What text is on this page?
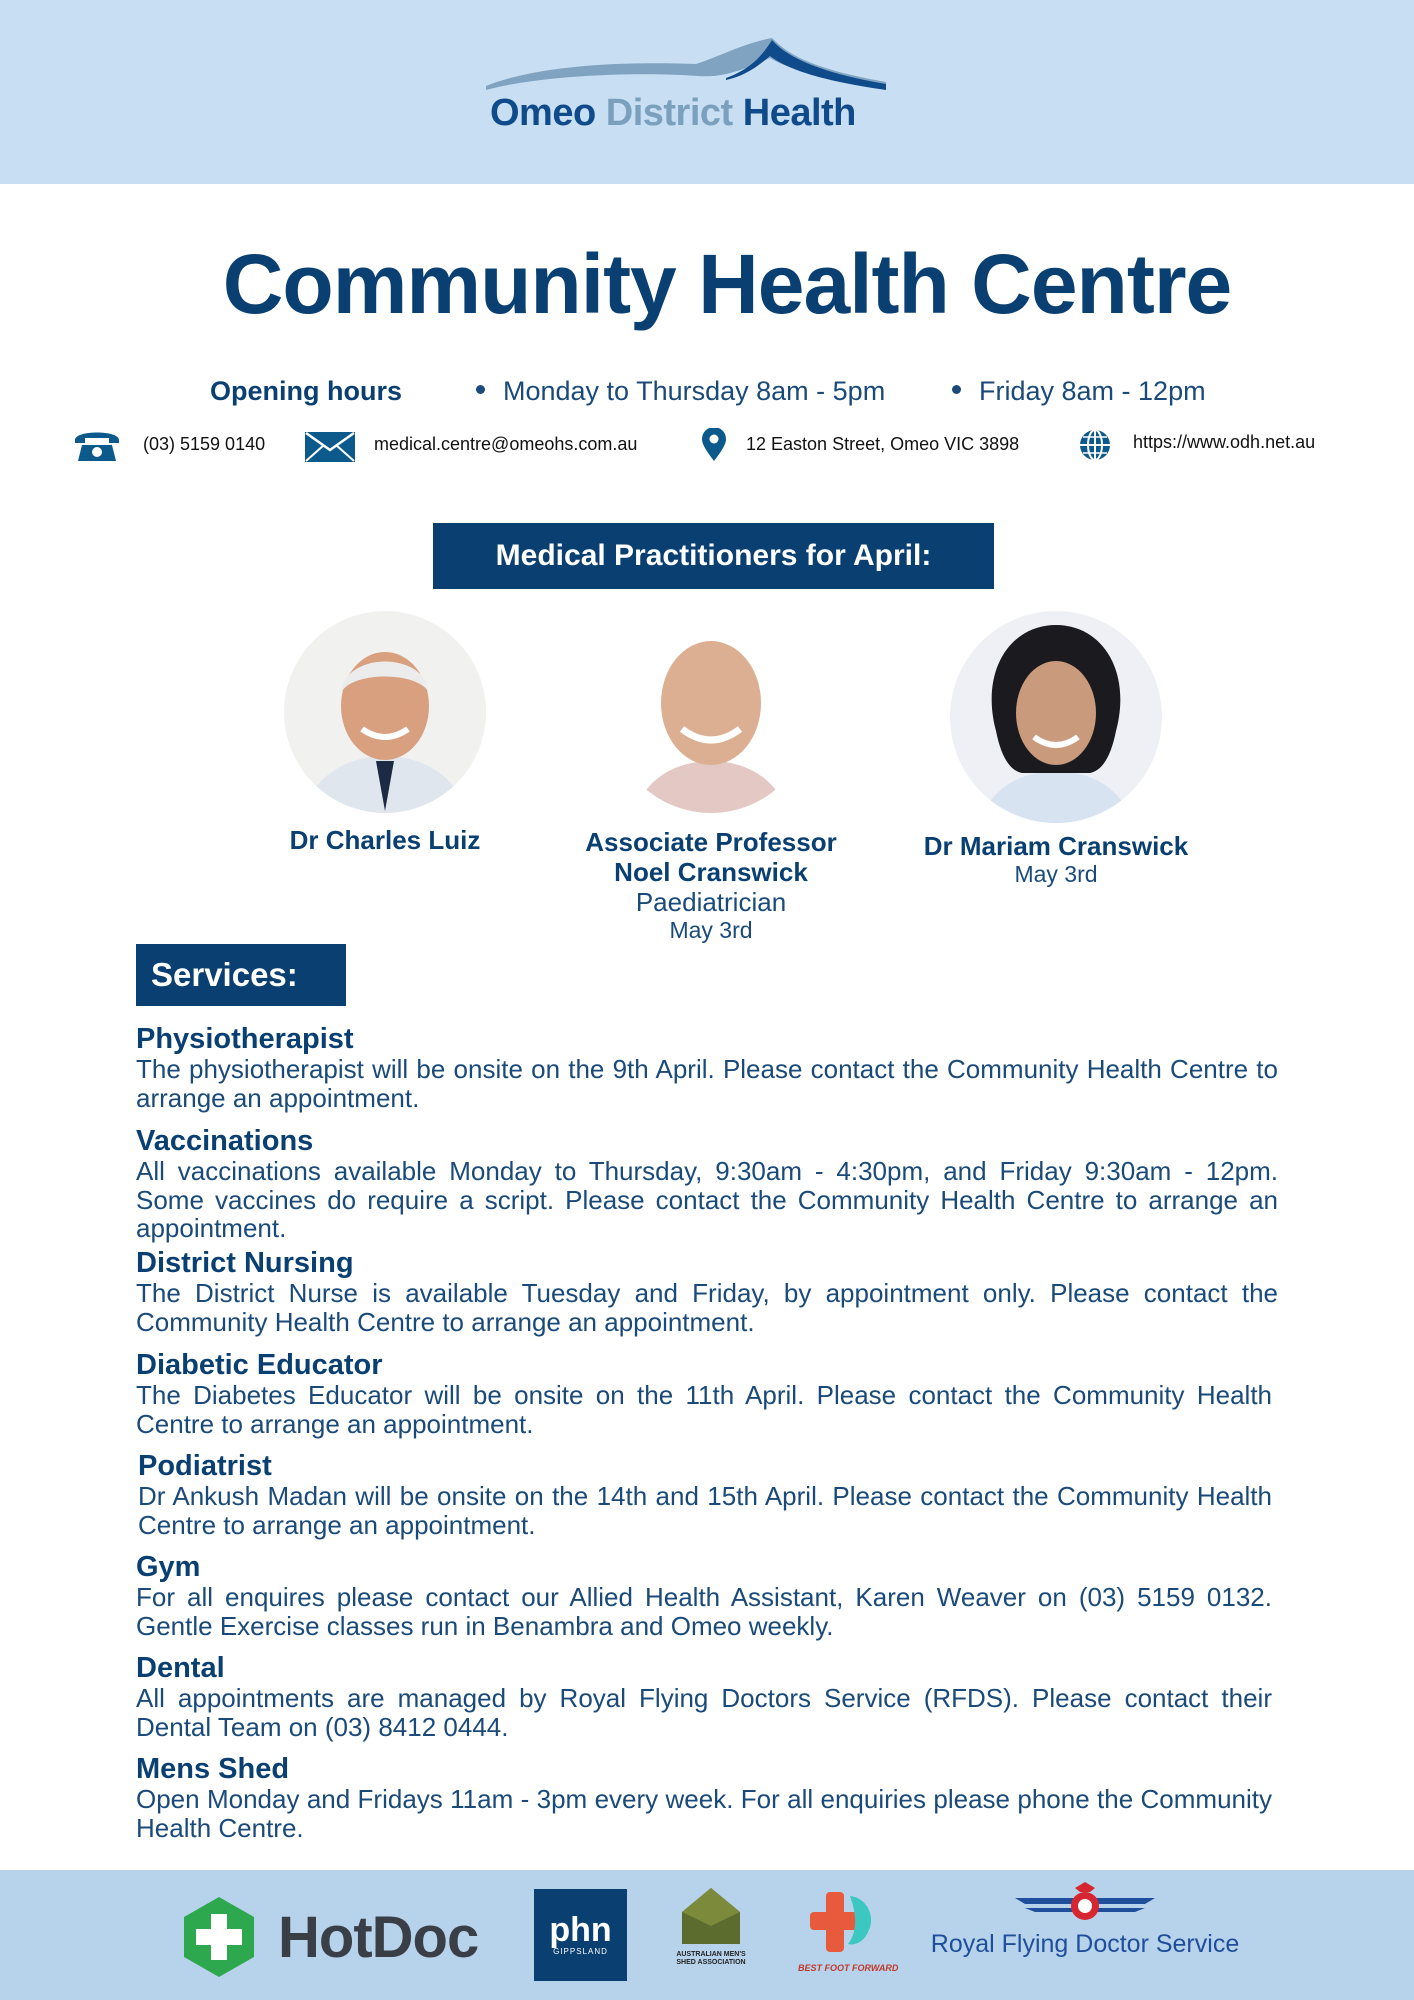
Omeo District Health
Community Health Centre
Opening hours	Monday to Thursday 8am - 5pm	Friday 8am - 12pm
(03) 5159 0140	medical.centre@omeohs.com.au	12 Easton Street, Omeo VIC 3898	https://www.odh.net.au
Medical Practitioners for April:
Dr Charles Luiz	Associate Professor
Noel Cranswick
Paediatrician
May 3rd
Dr Mariam Cranswick
May 3rd
Services:
Physiotherapist
The physiotherapist will be onsite on the 9th April. Please contact the Community Health Centre to arrange an appointment.
Vaccinations
All vaccinations available Monday to Thursday, 9:30am - 4:30pm, and Friday 9:30am - 12pm. Some vaccines do require a script. Please contact the Community Health Centre to arrange an appointment.
District Nursing
The District Nurse is available Tuesday and Friday, by appointment only. Please contact the Community Health Centre to arrange an appointment.
Diabetic Educator
The Diabetes Educator will be onsite on the 11th April. Please contact the Community Health Centre to arrange an appointment.
Podiatrist
Dr Ankush Madan will be onsite on the 14th and 15th April. Please contact the Community Health Centre to arrange an appointment.
Gym
For all enquires please contact our Allied Health Assistant, Karen Weaver on (03) 5159 0132. Gentle Exercise classes run in Benambra and Omeo weekly.
Dental
All appointments are managed by Royal Flying Doctors Service (RFDS). Please contact their Dental Team on (03) 8412 0444.
Mens Shed
Open Monday and Fridays 11am - 3pm every week. For all enquiries please phone the Community Health Centre.
HotDoc	phn
GIPPSLAND	AUSTRALIAN MEN'S SHED ASSOCIATION
BEST FOOT FORWARD
Royal Flying Doctor Service
